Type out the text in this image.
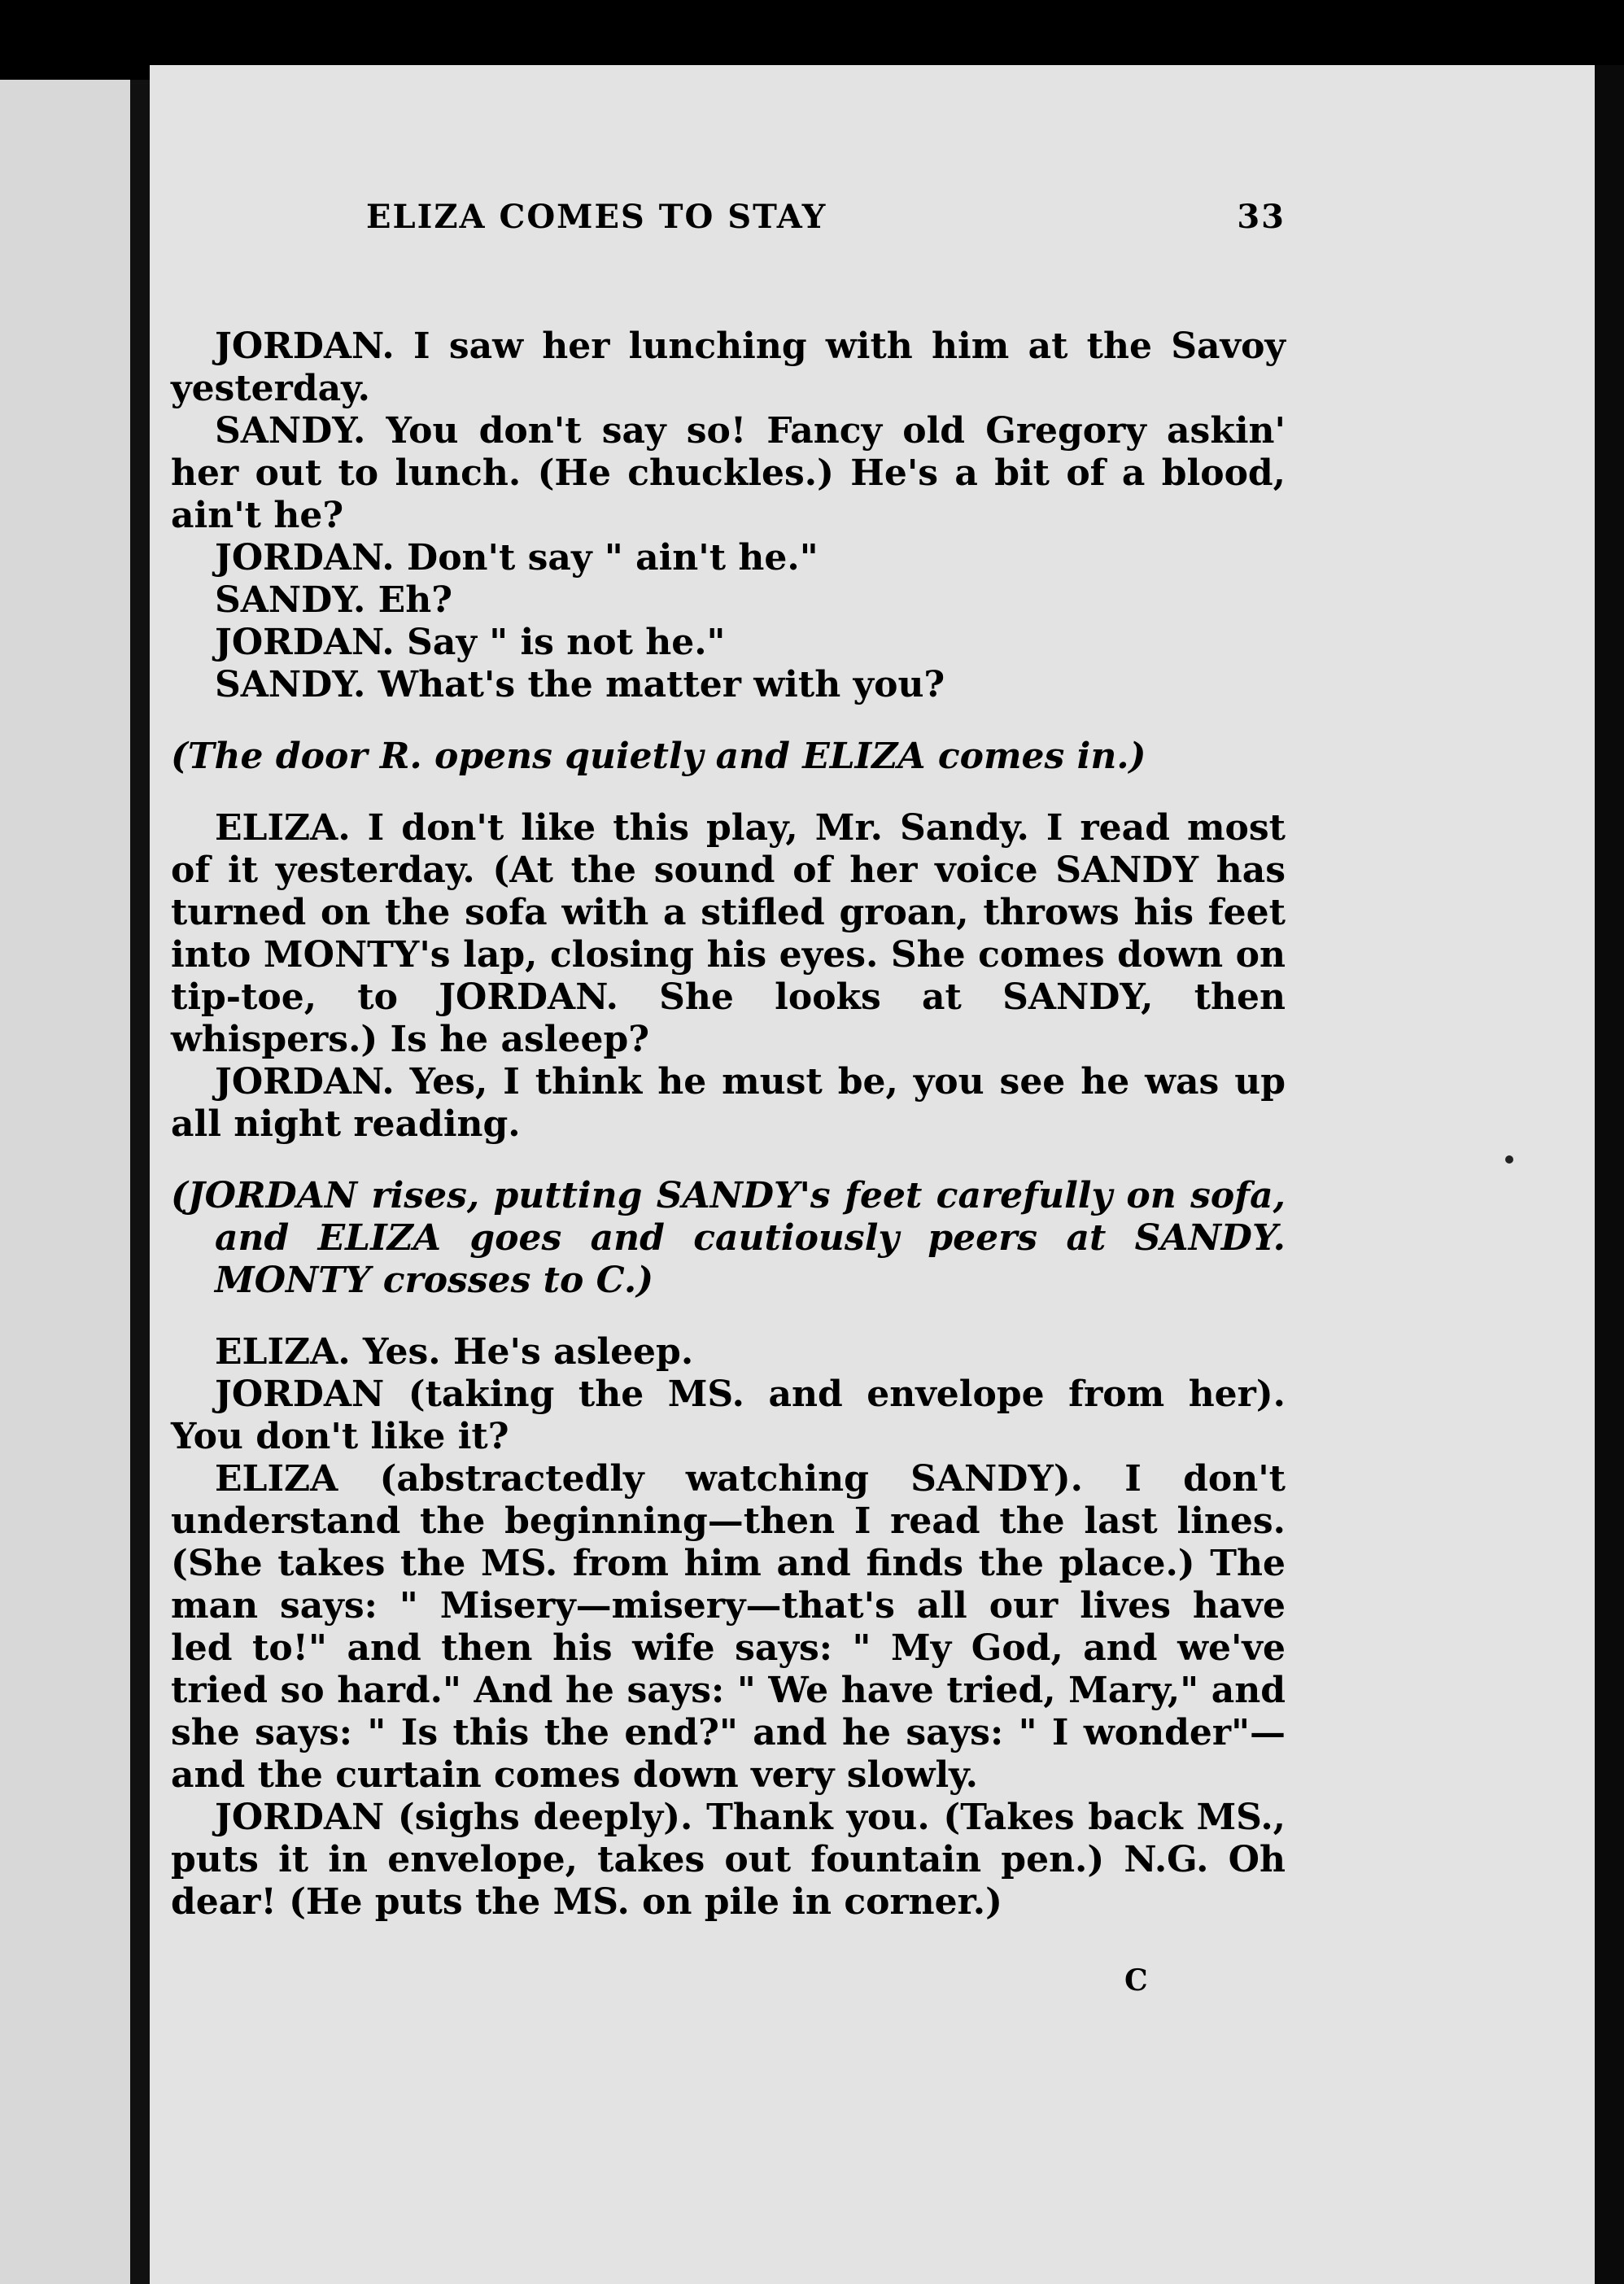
ELIZA COMES TO STAY	33

JORDAN. I saw her lunching with him at the Savoy yesterday.

SANDY. You don't say so! Fancy old Gregory askin' her out to lunch. (He chuckles.) He's a bit of a blood, ain't he?

JORDAN. Don't say " ain't he."

SANDY. Eh?

JORDAN. Say " is not he."

SANDY. What's the matter with you?

(The door R. opens quietly and ELIZA comes in.)

ELIZA. I don't like this play, Mr. Sandy. I read most of it yesterday. (At the sound of her voice SANDY has turned on the sofa with a stifled groan, throws his feet into MONTY's lap, closing his eyes. She comes down on tip-toe, to JORDAN. She looks at SANDY, then whispers.) Is he asleep?

JORDAN. Yes, I think he must be, you see he was up all night reading.

(JORDAN rises, putting SANDY's feet carefully on sofa, and ELIZA goes and cautiously peers at SANDY. MONTY crosses to C.)

ELIZA. Yes. He's asleep.

JORDAN (taking the MS. and envelope from her). You don't like it?

ELIZA (abstractedly watching SANDY). I don't understand the beginning—then I read the last lines. (She takes the MS. from him and finds the place.) The man says: " Misery—misery—that's all our lives have led to!" and then his wife says: " My God, and we've tried so hard." And he says: " We have tried, Mary," and she says: " Is this the end?" and he says: " I wonder"—and the curtain comes down very slowly.

JORDAN (sighs deeply). Thank you. (Takes back MS., puts it in envelope, takes out fountain pen.) N.G. Oh dear! (He puts the MS. on pile in corner.)

C
